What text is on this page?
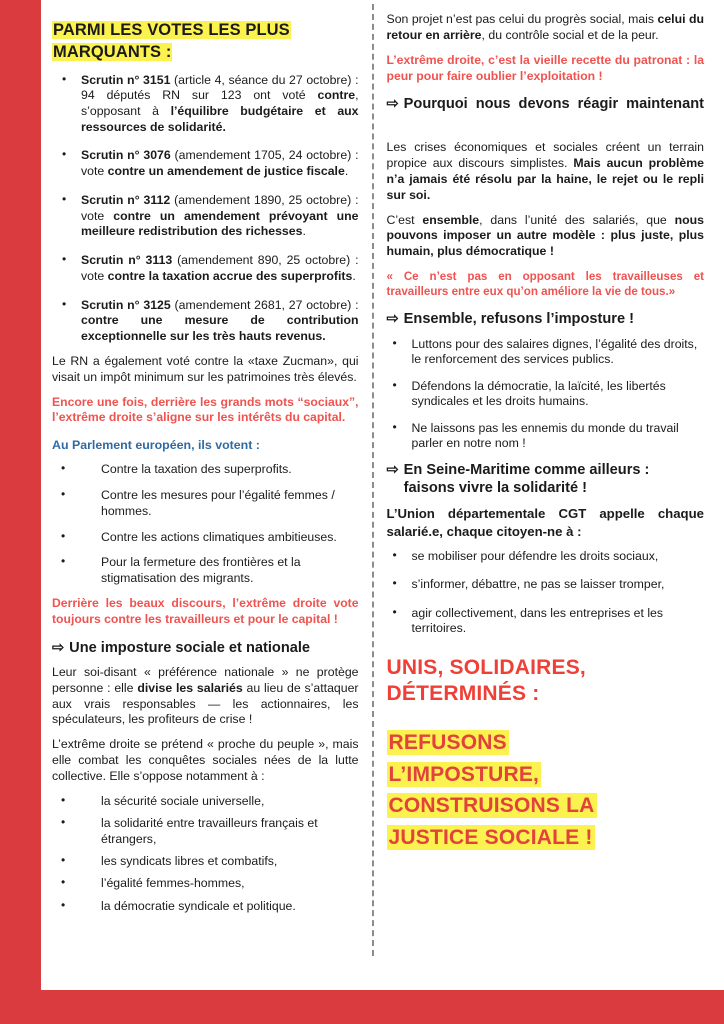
PARMI LES VOTES LES PLUS
MARQUANTS :
• Scrutin n° 3151 (article 4, séance du 27 octobre) : 94 députés RN sur 123 ont voté contre, s’opposant à l’équilibre budgétaire et aux ressources de solidarité.
• Scrutin n° 3076 (amendement 1705, 24 octobre) : vote contre un amendement de justice fiscale.
• Scrutin n° 3112 (amendement 1890, 25 octobre) : vote contre un amendement prévoyant une meilleure redistribution des richesses.
• Scrutin n° 3113 (amendement 890, 25 octobre) : vote contre la taxation accrue des superprofits.
• Scrutin n° 3125 (amendement 2681, 27 octobre) : contre une mesure de contribution exceptionnelle sur les très hauts revenus.

Le RN a également voté contre la «taxe Zucman», qui visait un impôt minimum sur les patrimoines très élevés.

Encore une fois, derrière les grands mots “sociaux”, l’extrême droite s’aligne sur les intérêts du capital.

Au Parlement européen, ils votent :

• Contre la taxation des superprofits.
• Contre les mesures pour l’égalité femmes / hommes.
• Contre les actions climatiques ambitieuses.
• Pour la fermeture des frontières et la stigmatisation des migrants.

Derrière les beaux discours, l’extrême droite vote toujours contre les travailleurs et pour le capital !

⇨ Une imposture sociale et nationale

Leur soi-disant « préférence nationale » ne protège personne : elle divise les salariés au lieu de s’attaquer aux vrais responsables — les actionnaires, les spéculateurs, les profiteurs de crise !

L’extrême droite se prétend « proche du peuple », mais elle combat les conquêtes sociales nées de la lutte collective. Elle s’oppose notamment à :

• la sécurité sociale universelle,
• la solidarité entre travailleurs français et étrangers,
• les syndicats libres et combatifs,
• l’égalité femmes-hommes,
• la démocratie syndicale et politique.

Son projet n’est pas celui du progrès social, mais celui du retour en arrière, du contrôle social et de la peur.

L’extrême droite, c’est la vieille recette du patronat : la peur pour faire oublier l’exploitation !

⇨ Pourquoi nous devons réagir maintenant

Les crises économiques et sociales créent un terrain propice aux discours simplistes. Mais aucun problème n’a jamais été résolu par la haine, le rejet ou le repli sur soi.

C’est ensemble, dans l’unité des salariés, que nous pouvons imposer un autre modèle : plus juste, plus humain, plus démocratique !

« Ce n’est pas en opposant les travailleuses et travailleurs entre eux qu’on améliore la vie de tous.»

⇨ Ensemble, refusons l’imposture !
• Luttons pour des salaires dignes, l’égalité des droits, le renforcement des services publics.
• Défendons la démocratie, la laïcité, les libertés syndicales et les droits humains.
• Ne laissons pas les ennemis du monde du travail parler en notre nom !
⇨ En Seine-Maritime comme ailleurs :
faisons vivre la solidarité !

L’Union départementale CGT appelle chaque salarié.e, chaque citoyen-ne à :

• se mobiliser pour défendre les droits sociaux,
• s’informer, débattre, ne pas se laisser tromper,
• agir collectivement, dans les entreprises et les territoires.
UNIS, SOLIDAIRES,
DÉTERMINÉS :
REFUSONS
L’IMPOSTURE,
CONSTRUISONS LA
JUSTICE SOCIALE !
